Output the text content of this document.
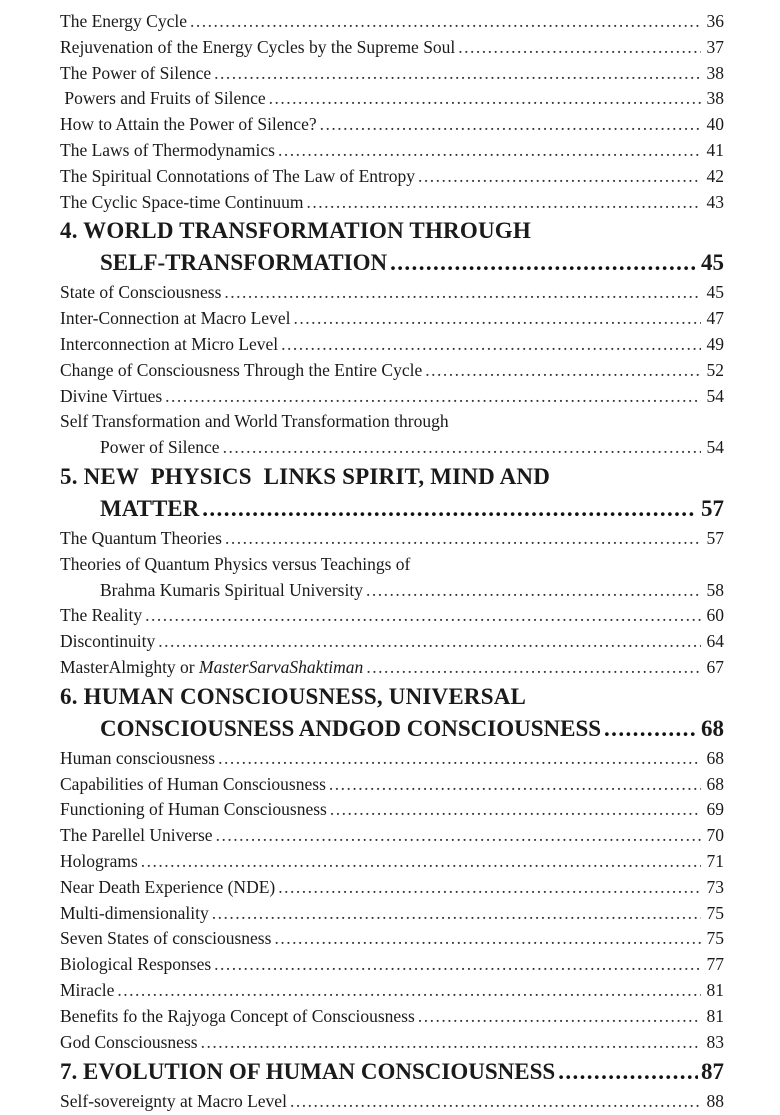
The Energy Cycle .....	36
Rejuvenation of the Energy Cycles by the Supreme Soul .....	37
The Power of Silence .....	38
Powers and Fruits of Silence .....	38
How to Attain the Power of Silence? .....	40
The Laws of Thermodynamics .....	41
The Spiritual Connotations of The Law of Entropy .....	42
The Cyclic Space-time Continuum .....	43
4. WORLD TRANSFORMATION THROUGH
SELF-TRANSFORMATION .....	45
State of Consciousness .....	45
Inter-Connection at Macro Level .....	47
Interconnection at Micro Level .....	49
Change of Consciousness Through the Entire Cycle .....	52
Divine Virtues .....	54
Self Transformation and World Transformation through
Power of Silence .....	54
5. NEW  PHYSICS  LINKS SPIRIT, MIND AND
MATTER .....	57
The Quantum Theories .....	57
Theories of Quantum Physics versus Teachings of
Brahma Kumaris Spiritual University .....	58
The Reality .....	60
Discontinuity .....	64
MasterAlmighty or MasterSarvaShaktiman .....	67
6. HUMAN CONSCIOUSNESS, UNIVERSAL
CONSCIOUSNESS ANDGOD CONSCIOUSNESS .....	68
Human consciousness .....	68
Capabilities of Human Consciousness .....	68
Functioning of Human Consciousness .....	69
The Parellel Universe .....	70
Holograms .....	71
Near Death Experience (NDE) .....	73
Multi-dimensionality .....	75
Seven States of consciousness .....	75
Biological Responses .....	77
Miracle .....	81
Benefits fo the Rajyoga Concept of Consciousness .....	81
God Consciousness .....	83
7. EVOLUTION OF HUMAN CONSCIOUSNESS .....	87
Self-sovereignty at Macro Level .....	88
